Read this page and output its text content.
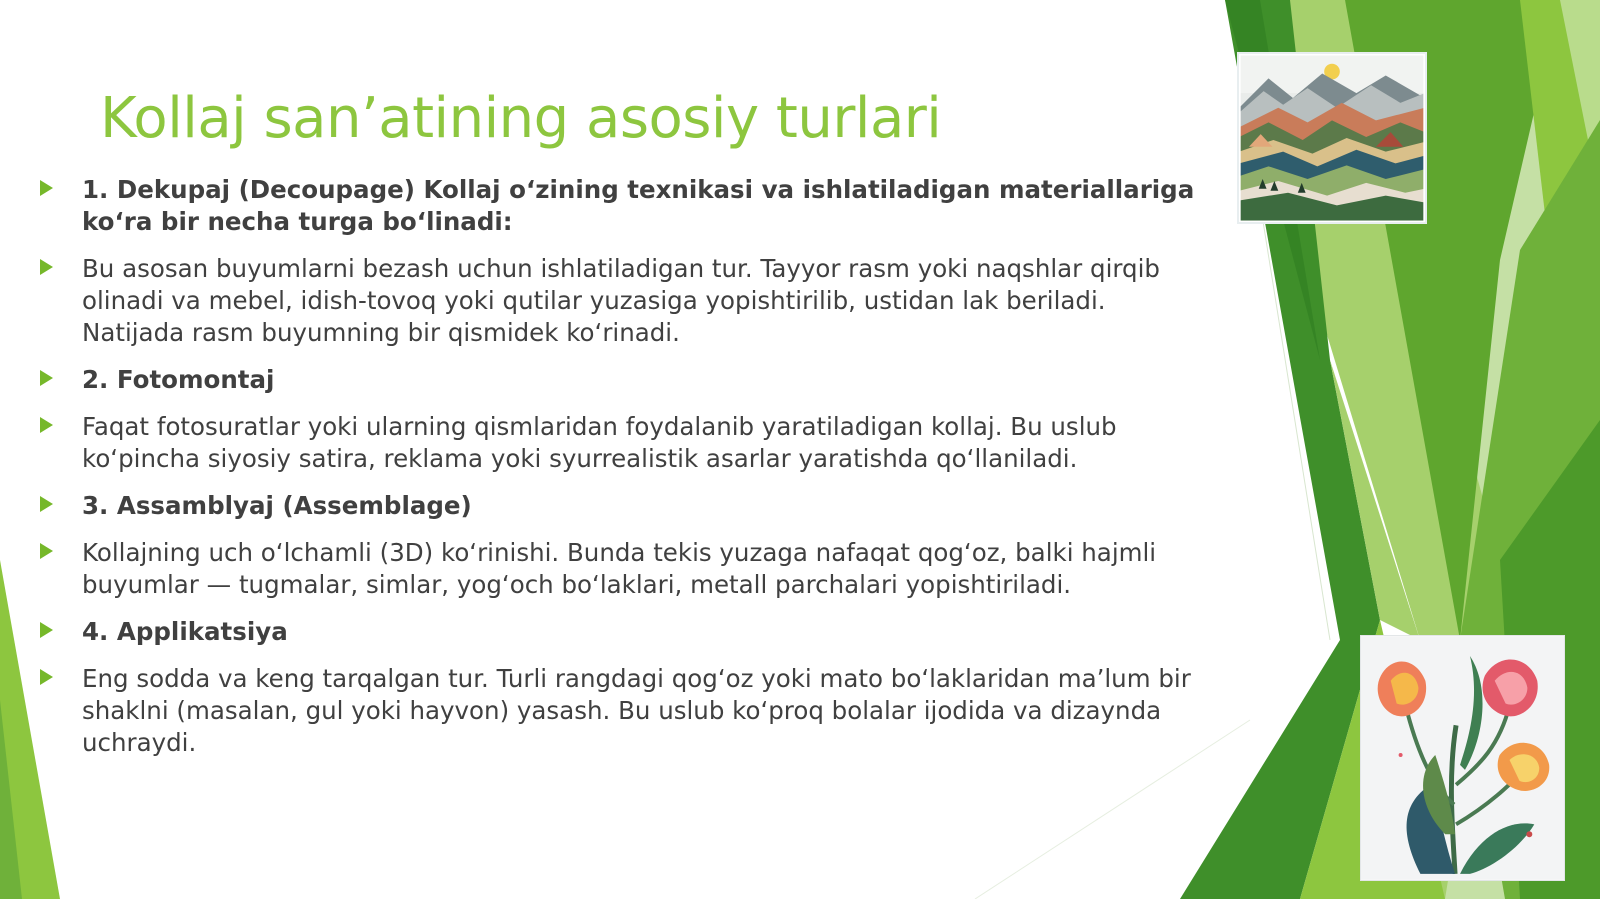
Kollaj san’atining asosiy turlari
1. Dekupaj (Decoupage) Kollaj o‘zining texnikasi va ishlatiladigan materiallariga ko‘ra bir necha turga bo‘linadi:
Bu asosan buyumlarni bezash uchun ishlatiladigan tur. Tayyor rasm yoki naqshlar qirqib olinadi va mebel, idish-tovoq yoki qutilar yuzasiga yopishtirilib, ustidan lak beriladi. Natijada rasm buyumning bir qismidek ko‘rinadi.
2. Fotomontaj
Faqat fotosuratlar yoki ularning qismlaridan foydalanib yaratiladigan kollaj. Bu uslub ko‘pincha siyosiy satira, reklama yoki syurrealistik asarlar yaratishda qo‘llaniladi.
3. Assamblyaj (Assemblage)
Kollajning uch o‘lchamli (3D) ko‘rinishi. Bunda tekis yuzaga nafaqat qog‘oz, balki hajmli buyumlar — tugmalar, simlar, yog‘och bo‘laklari, metall parchalari yopishtiriladi.
4. Applikatsiya
Eng sodda va keng tarqalgan tur. Turli rangdagi qog‘oz yoki mato bo‘laklaridan ma’lum bir shaklni (masalan, gul yoki hayvon) yasash. Bu uslub ko‘proq bolalar ijodida va dizaynda uchraydi.
